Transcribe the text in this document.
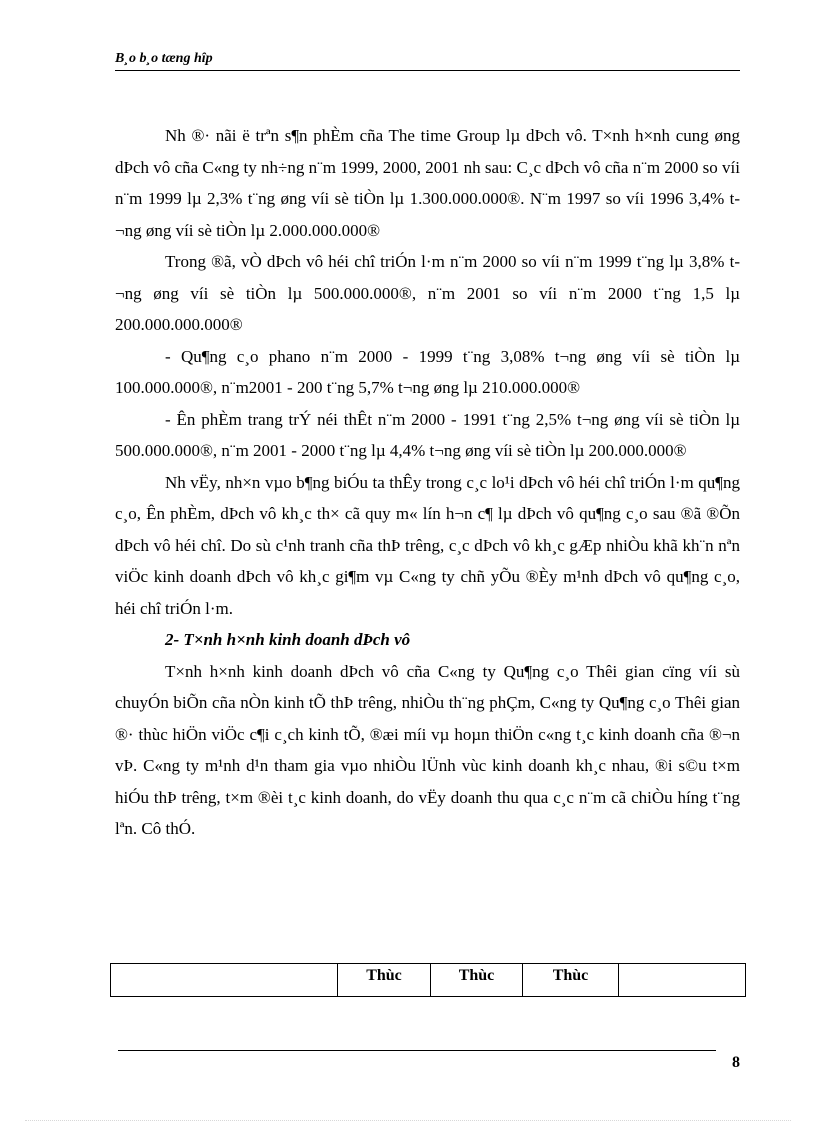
B¸o b¸o tæng hîp

Nh ®· nãi ë trªn s¶n phÈm cña The time Group lµ dÞch vô. T×nh h×nh cung øng dÞch vô cña C«ng ty nh÷ng n¨m 1999, 2000, 2001 nh sau: C¸c dÞch vô cña n¨m 2000 so víi n¨m 1999 lµ 2,3% t¨ng øng víi sè tiÒn lµ 1.300.000.000®. N¨m 1997 so víi 1996 3,4% t¬ng øng víi sè tiÒn lµ 2.000.000.000®

Trong ®ã, vÒ dÞch vô héi chî triÓn l·m n¨m 2000 so víi n¨m 1999 t¨ng lµ 3,8% t¬ng øng víi sè tiÒn lµ 500.000.000®, n¨m 2001 so víi n¨m 2000 t¨ng 1,5 lµ 200.000.000.000®

- Qu¶ng c¸o phano n¨m 2000 - 1999 t¨ng 3,08% t¬ng øng víi sè tiÒn lµ 100.000.000®, n¨m2001 - 200 t¨ng 5,7% t¬ng øng lµ 210.000.000®

- Ên phÈm trang trÝ néi thÊt n¨m 2000 - 1991 t¨ng 2,5% t¬ng øng víi sè tiÒn lµ 500.000.000®, n¨m 2001 - 2000 t¨ng lµ 4,4% t¬ng øng víi sè tiÒn lµ 200.000.000®

Nh vËy, nh×n vµo b¶ng biÓu ta thÊy trong c¸c lo¹i dÞch vô héi chî triÓn l·m qu¶ng c¸o, Ên phÈm, dÞch vô kh¸c th× cã quy m« lín h¬n c¶ lµ dÞch vô qu¶ng c¸o sau ®ã ®Õn dÞch vô héi chî. Do sù c¹nh tranh cña thÞ trêng, c¸c dÞch vô kh¸c gÆp nhiÒu khã kh¨n nªn viÖc kinh doanh dÞch vô kh¸c gi¶m vµ C«ng ty chñ yÕu ®Èy m¹nh dÞch vô qu¶ng c¸o, héi chî triÓn l·m.

2- T×nh h×nh kinh doanh dÞch vô

T×nh h×nh kinh doanh dÞch vô cña C«ng ty Qu¶ng c¸o Thêi gian cïng víi sù chuyÓn biÕn cña nÒn kinh tÕ thÞ trêng, nhiÒu th¨ng phÇm, C«ng ty Qu¶ng c¸o Thêi gian ®· thùc hiÖn viÖc c¶i c¸ch kinh tÕ, ®æi míi vµ hoµn thiÖn c«ng t¸c kinh doanh cña ®¬n vÞ. C«ng ty m¹nh d¹n tham gia vµo nhiÒu lÜnh vùc kinh doanh kh¸c nhau, ®i s©u t×m hiÓu thÞ trêng, t×m ®èi t¸c kinh doanh, do vËy doanh thu qua c¸c n¨m cã chiÒu híng t¨ng lªn. Cô thÓ.

	Thùc	Thùc	Thùc	
8
